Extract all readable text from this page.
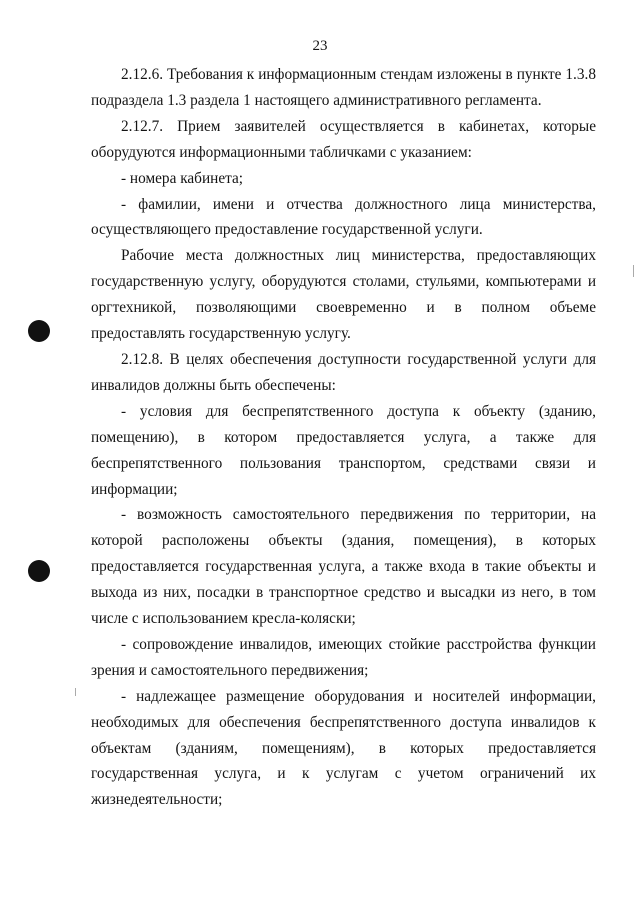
23

2.12.6. Требования к информационным стендам изложены в пункте 1.3.8 подраздела 1.3 раздела 1 настоящего административного регламента.

2.12.7. Прием заявителей осуществляется в кабинетах, которые оборудуются информационными табличками с указанием:

- номера кабинета;

- фамилии, имени и отчества должностного лица министерства, осуществляющего предоставление государственной услуги.

Рабочие места должностных лиц министерства, предоставляющих государственную услугу, оборудуются столами, стульями, компьютерами и оргтехникой, позволяющими своевременно и в полном объеме предоставлять государственную услугу.

2.12.8. В целях обеспечения доступности государственной услуги для инвалидов должны быть обеспечены:

- условия для беспрепятственного доступа к объекту (зданию, помещению), в котором предоставляется услуга, а также для беспрепятственного пользования транспортом, средствами связи и информации;

- возможность самостоятельного передвижения по территории, на которой расположены объекты (здания, помещения), в которых предоставляется государственная услуга, а также входа в такие объекты и выхода из них, посадки в транспортное средство и высадки из него, в том числе с использованием кресла-коляски;

- сопровождение инвалидов, имеющих стойкие расстройства функции зрения и самостоятельного передвижения;

- надлежащее размещение оборудования и носителей информации, необходимых для обеспечения беспрепятственного доступа инвалидов к объектам (зданиям, помещениям), в которых предоставляется государственная услуга, и к услугам с учетом ограничений их жизнедеятельности;
